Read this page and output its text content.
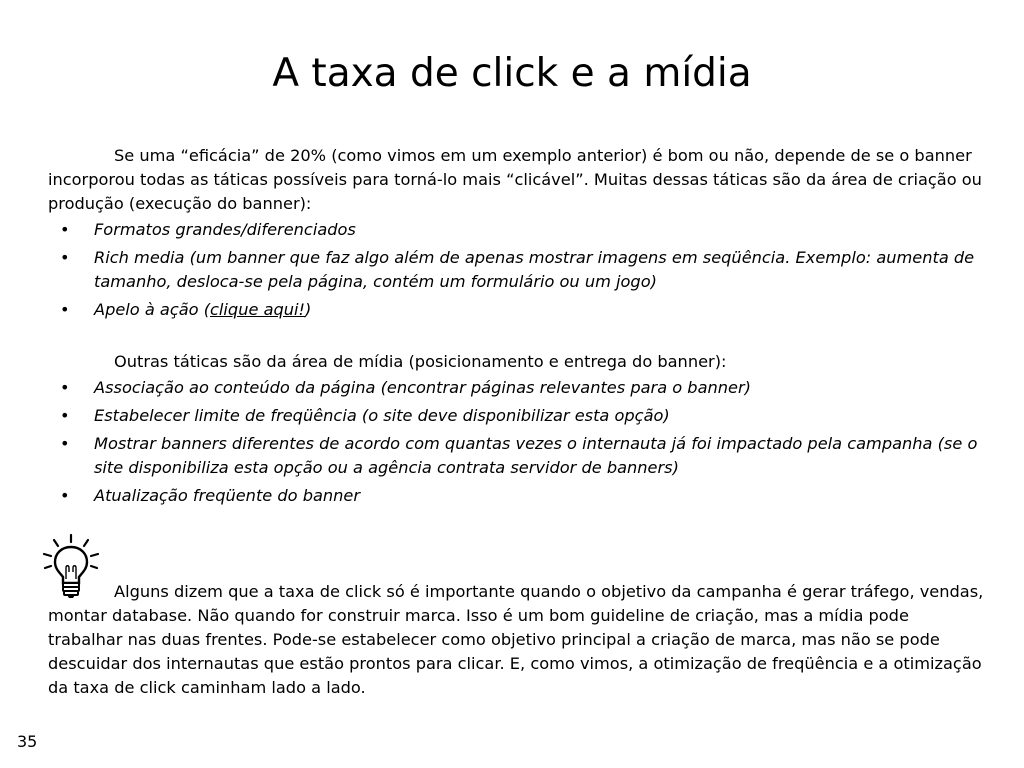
A taxa de click e a mídia

Se uma “eficácia” de 20% (como vimos em um exemplo anterior) é bom ou não, depende de se o banner incorporou todas as táticas possíveis para torná-lo mais “clicável”. Muitas dessas táticas são da área de criação ou produção (execução do banner):

• Formatos grandes/diferenciados
• Rich media (um banner que faz algo além de apenas mostrar imagens em seqüência. Exemplo: aumenta de tamanho, desloca-se pela página, contém um formulário ou um jogo)
• Apelo à ação (clique aqui!)

Outras táticas são da área de mídia (posicionamento e entrega do banner):

• Associação ao conteúdo da página (encontrar páginas relevantes para o banner)
• Estabelecer limite de freqüência (o site deve disponibilizar esta opção)
• Mostrar banners diferentes de acordo com quantas vezes o internauta já foi impactado pela campanha (se o site disponibiliza esta opção ou a agência contrata servidor de banners)
• Atualização freqüente do banner

Alguns dizem que a taxa de click só é importante quando o objetivo da campanha é gerar tráfego, vendas, montar database. Não quando for construir marca. Isso é um bom guideline de criação, mas a mídia pode trabalhar nas duas frentes. Pode-se estabelecer como objetivo principal a criação de marca, mas não se pode descuidar dos internautas que estão prontos para clicar. E, como vimos, a otimização de freqüência e a otimização da taxa de click caminham lado a lado.

35
